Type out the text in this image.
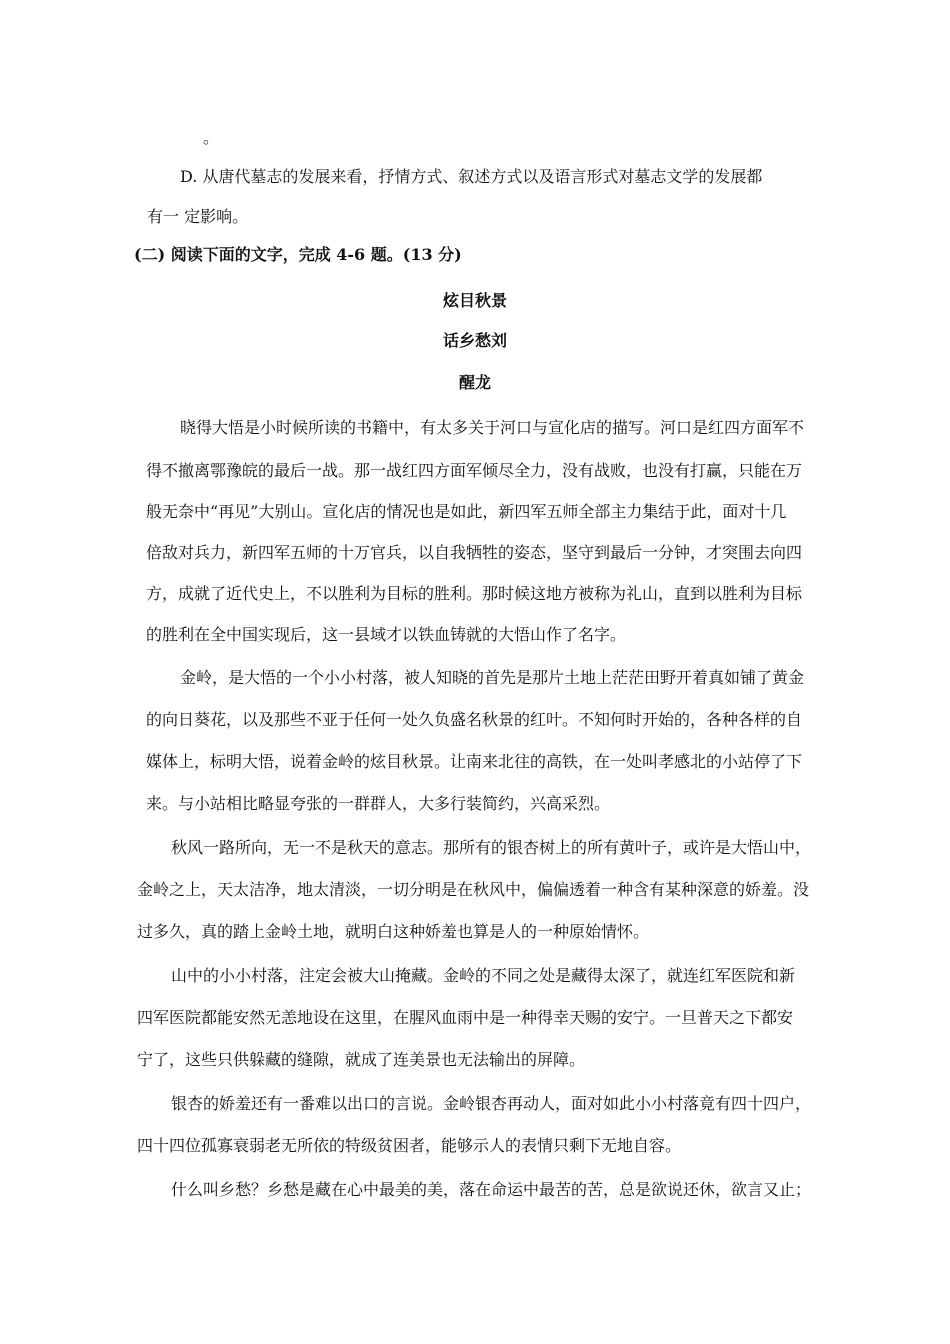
。
D. 从唐代墓志的发展来看，抒情方式、叙述方式以及语言形式对墓志文学的发展都
有一 定影响。
(二) 阅读下面的文字，完成 4-6 题。(13 分)
炫目秋景
话乡愁刘
醒龙
晓得大悟是小时候所读的书籍中，有太多关于河口与宣化店的描写。河口是红四方面军不
得不撤离鄂豫皖的最后一战。那一战红四方面军倾尽全力，没有战败，也没有打赢，只能在万
般无奈中“再见”大别山。宣化店的情况也是如此，新四军五师全部主力集结于此，面对十几
倍敌对兵力，新四军五师的十万官兵，以自我牺牲的姿态，坚守到最后一分钟，才突围去向四
方，成就了近代史上，不以胜利为目标的胜利。那时候这地方被称为礼山，直到以胜利为目标
的胜利在全中国实现后，这一县域才以铁血铸就的大悟山作了名字。
金岭，是大悟的一个小小村落，被人知晓的首先是那片土地上茫茫田野开着真如铺了黄金
的向日葵花，以及那些不亚于任何一处久负盛名秋景的红叶。不知何时开始的，各种各样的自
媒体上，标明大悟，说着金岭的炫目秋景。让南来北往的高铁，在一处叫孝感北的小站停了下
来。与小站相比略显夸张的一群群人，大多行装简约，兴高采烈。
秋风一路所向，无一不是秋天的意志。那所有的银杏树上的所有黄叶子，或许是大悟山中，
金岭之上，天太洁净，地太清淡，一切分明是在秋风中，偏偏透着一种含有某种深意的娇羞。没
过多久，真的踏上金岭土地，就明白这种娇羞也算是人的一种原始情怀。
山中的小小村落，注定会被大山掩藏。金岭的不同之处是藏得太深了，就连红军医院和新
四军医院都能安然无恙地设在这里，在腥风血雨中是一种得幸天赐的安宁。一旦普天之下都安
宁了，这些只供躲藏的缝隙，就成了连美景也无法输出的屏障。
银杏的娇羞还有一番难以出口的言说。金岭银杏再动人，面对如此小小村落竟有四十四户，
四十四位孤寡衰弱老无所依的特级贫困者，能够示人的表情只剩下无地自容。
什么叫乡愁？乡愁是藏在心中最美的美，落在命运中最苦的苦，总是欲说还休，欲言又止；
